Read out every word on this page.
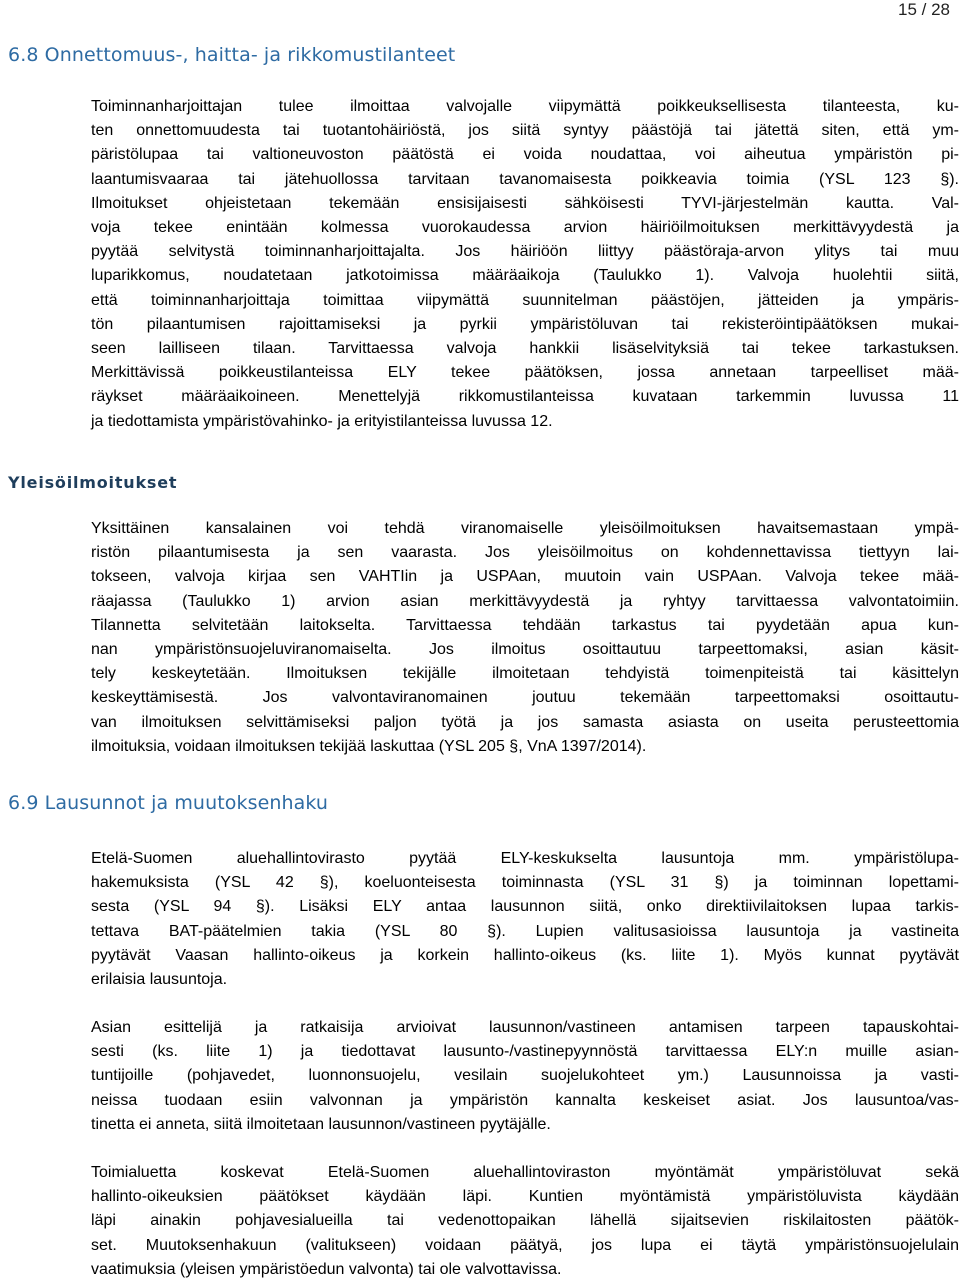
15 / 28
6.8 Onnettomuus-, haitta- ja rikkomustilanteet
Toiminnanharjoittajan tulee ilmoittaa valvojalle viipymättä poikkeuksellisesta tilanteesta, ku-
ten onnettomuudesta tai tuotantohäiriöstä, jos siitä syntyy päästöjä tai jätettä siten, että ym-
päristölupaa tai valtioneuvoston päätöstä ei voida noudattaa, voi aiheutua ympäristön pi-
laantumisvaaraa tai jätehuollossa tarvitaan tavanomaisesta poikkeavia toimia (YSL 123 §).
Ilmoitukset ohjeistetaan tekemään ensisijaisesti sähköisesti TYVI-järjestelmän kautta. Val-
voja tekee enintään kolmessa vuorokaudessa arvion häiriöilmoituksen merkittävyydestä ja
pyytää selvitystä toiminnanharjoittajalta. Jos häiriöön liittyy päästöraja-arvon ylitys tai muu
luparikkomus, noudatetaan jatkotoimissa määräaikoja (Taulukko 1). Valvoja huolehtii siitä,
että toiminnanharjoittaja toimittaa viipymättä suunnitelman päästöjen, jätteiden ja ympäris-
tön pilaantumisen rajoittamiseksi ja pyrkii ympäristöluvan tai rekisteröintipäätöksen mukai-
seen lailliseen tilaan. Tarvittaessa valvoja hankkii lisäselvityksiä tai tekee tarkastuksen.
Merkittävissä poikkeustilanteissa ELY tekee päätöksen, jossa annetaan tarpeelliset mää-
räykset määräaikoineen. Menettelyjä rikkomustilanteissa kuvataan tarkemmin luvussa 11
ja tiedottamista ympäristövahinko- ja erityistilanteissa luvussa 12.
Yleisöilmoitukset
Yksittäinen kansalainen voi tehdä viranomaiselle yleisöilmoituksen havaitsemastaan ympä-
ristön pilaantumisesta ja sen vaarasta. Jos yleisöilmoitus on kohdennettavissa tiettyyn lai-
tokseen, valvoja kirjaa sen VAHTIin ja USPAan, muutoin vain USPAan. Valvoja tekee mää-
räajassa (Taulukko 1) arvion asian merkittävyydestä ja ryhtyy tarvittaessa valvontatoimiin.
Tilannetta selvitetään laitokselta. Tarvittaessa tehdään tarkastus tai pyydetään apua kun-
nan ympäristönsuojeluviranomaiselta. Jos ilmoitus osoittautuu tarpeettomaksi, asian käsit-
tely keskeytetään. Ilmoituksen tekijälle ilmoitetaan tehdyistä toimenpiteistä tai käsittelyn
keskeyttämisestä. Jos valvontaviranomainen joutuu tekemään tarpeettomaksi osoittautu-
van ilmoituksen selvittämiseksi paljon työtä ja jos samasta asiasta on useita perusteettomia
ilmoituksia, voidaan ilmoituksen tekijää laskuttaa (YSL 205 §, VnA 1397/2014).
6.9 Lausunnot ja muutoksenhaku
Etelä-Suomen aluehallintovirasto pyytää ELY-keskukselta lausuntoja mm. ympäristölupa-
hakemuksista (YSL 42 §), koeluonteisesta toiminnasta (YSL 31 §) ja toiminnan lopettami-
sesta (YSL 94 §). Lisäksi ELY antaa lausunnon siitä, onko direktiivilaitoksen lupaa tarkis-
tettava BAT-päätelmien takia (YSL 80 §). Lupien valitusasioissa lausuntoja ja vastineita
pyytävät Vaasan hallinto-oikeus ja korkein hallinto-oikeus (ks. liite 1). Myös kunnat pyytävät
erilaisia lausuntoja.
Asian esittelijä ja ratkaisija arvioivat lausunnon/vastineen antamisen tarpeen tapauskohtai-
sesti (ks. liite 1) ja tiedottavat lausunto-/vastinepyynnöstä tarvittaessa ELY:n muille asian-
tuntijoille (pohjavedet, luonnonsuojelu, vesilain suojelukohteet ym.) Lausunnoissa ja vasti-
neissa tuodaan esiin valvonnan ja ympäristön kannalta keskeiset asiat. Jos lausuntoa/vas-
tinetta ei anneta, siitä ilmoitetaan lausunnon/vastineen pyytäjälle.
Toimialuetta koskevat Etelä-Suomen aluehallintoviraston myöntämät ympäristöluvat sekä
hallinto-oikeuksien päätökset käydään läpi. Kuntien myöntämistä ympäristöluvista käydään
läpi ainakin pohjavesialueilla tai vedenottopaikan lähellä sijaitsevien riskilaitosten päätök-
set. Muutoksenhakuun (valitukseen) voidaan päätyä, jos lupa ei täytä ympäristönsuojelulain
vaatimuksia (yleisen ympäristöedun valvonta) tai ole valvottavissa.
